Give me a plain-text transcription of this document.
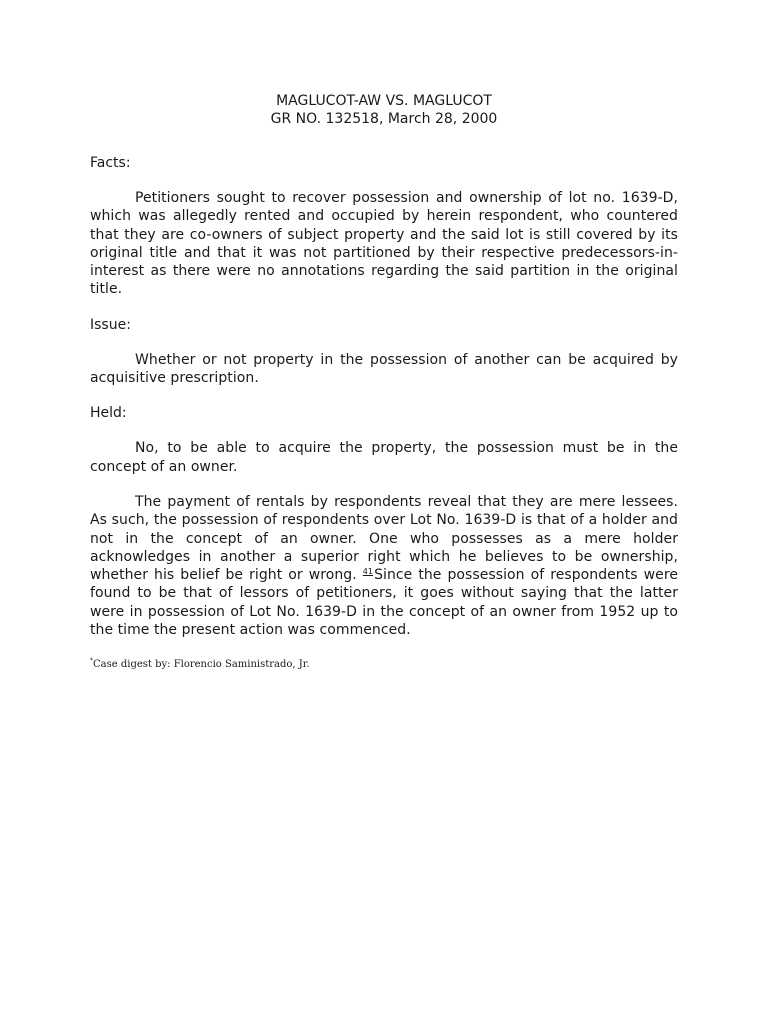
MAGLUCOT-AW VS. MAGLUCOT
GR NO. 132518, March 28, 2000

Facts:

Petitioners sought to recover possession and ownership of lot no. 1639-D, which was allegedly rented and occupied by herein respondent, who countered that they are co-owners of subject property and the said lot is still covered by its original title and that it was not partitioned by their respective predecessors-in-interest as there were no annotations regarding the said partition in the original title.

Issue:

Whether or not property in the possession of another can be acquired by acquisitive prescription.

Held:

No, to be able to acquire the property, the possession must be in the concept of an owner.

The payment of rentals by respondents reveal that they are mere lessees. As such, the possession of respondents over Lot No. 1639-D is that of a holder and not in the concept of an owner. One who possesses as a mere holder acknowledges in another a superior right which he believes to be ownership, whether his belief be right or wrong. $^{41}$Since the possession of respondents were found to be that of lessors of petitioners, it goes without saying that the latter were in possession of Lot No. 1639-D in the concept of an owner from 1952 up to the time the present action was commenced.

*Case digest by: Florencio Saministrado, Jr.
